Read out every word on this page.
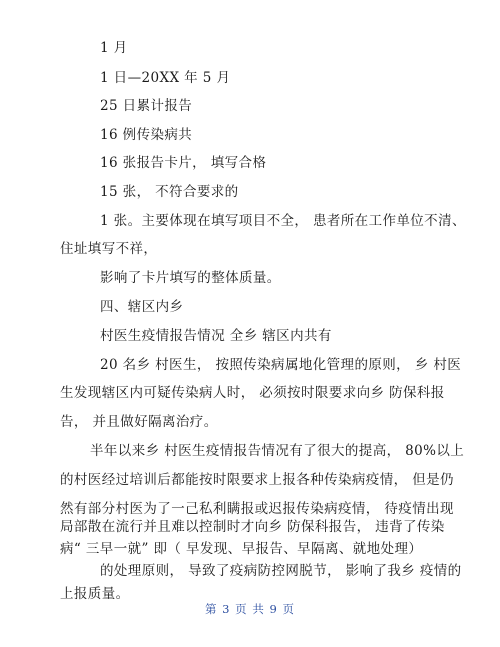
1 月
1 日—20XX 年 5 月
25 日累计报告
16 例传染病共
16 张报告卡片， 填写合格
15 张， 不符合要求的
1 张。主要体现在填写项目不全， 患者所在工作单位不清、
住址填写不祥，
影响了卡片填写的整体质量。
四、辖区内乡
村医生疫情报告情况 全乡 辖区内共有
20 名乡 村医生， 按照传染病属地化管理的原则， 乡 村医
生发现辖区内可疑传染病人时， 必须按时限要求向乡 防保科报
告， 并且做好隔离治疗。
半年以来乡 村医生疫情报告情况有了很大的提高， 80%以上
的村医经过培训后都能按时限要求上报各种传染病疫情， 但是仍
然有部分村医为了一己私利瞒报或迟报传染病疫情， 待疫情出现
局部散在流行并且难以控制时才向乡 防保科报告， 违背了传染
病“ 三早一就” 即（ 早发现、早报告、早隔离、就地处理）
的处理原则， 导致了疫病防控网脱节， 影响了我乡 疫情的
上报质量。
第 3 页 共 9 页
